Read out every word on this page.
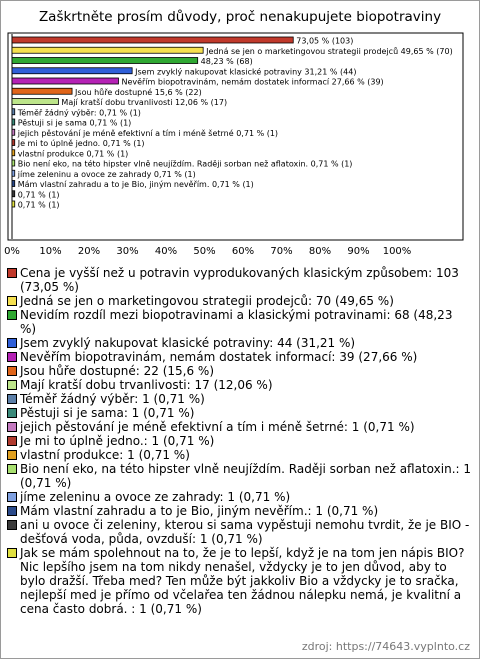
Zaškrtněte prosím důvody, proč nenakupujete biopotraviny
73,05 % (103)
Jedná se jen o marketingovou strategii prodejců 49,65 % (70)
48,23 % (68)
Jsem zvyklý nakupovat klasické potraviny 31,21 % (44)
Nevěřím biopotravinám, nemám dostatek informací 27,66 % (39)
Jsou hůře dostupné 15,6 % (22)
Mají kratší dobu trvanlivosti 12,06 % (17)
Téměř žádný výběr: 0,71 % (1)
Pěstuji si je sama 0,71 % (1)
jejich pěstování je méně efektivní a tím i méně šetrné 0,71 % (1)
Je mi to úplně jedno. 0,71 % (1)
vlastní produkce 0,71 % (1)
Bio není eko, na této hipster vlně neujíždím. Raději sorban než aflatoxin. 0,71 % (1)
jíme zeleninu a ovoce ze zahrady 0,71 % (1)
Mám vlastní zahradu a to je Bio, jiným nevěřím. 0,71 % (1)
0,71 % (1)
0,71 % (1)
0% 10% 20% 30% 40% 50% 60% 70% 80% 90% 100%
Cena je vyšší než u potravin vyprodukovaných klasickým způsobem: 103 (73,05 %)
Jedná se jen o marketingovou strategii prodejců: 70 (49,65 %)
Nevidím rozdíl mezi biopotravinami a klasickými potravinami: 68 (48,23 %)
Jsem zvyklý nakupovat klasické potraviny: 44 (31,21 %)
Nevěřím biopotravinám, nemám dostatek informací: 39 (27,66 %)
Jsou hůře dostupné: 22 (15,6 %)
Mají kratší dobu trvanlivosti: 17 (12,06 %)
Téměř žádný výběr: 1 (0,71 %)
Pěstuji si je sama: 1 (0,71 %)
jejich pěstování je méně efektivní a tím i méně šetrné: 1 (0,71 %)
Je mi to úplně jedno.: 1 (0,71 %)
vlastní produkce: 1 (0,71 %)
Bio není eko, na této hipster vlně neujíždím. Raději sorban než aflatoxin.: 1 (0,71 %)
jíme zeleninu a ovoce ze zahrady: 1 (0,71 %)
Mám vlastní zahradu a to je Bio, jiným nevěřím.: 1 (0,71 %)
ani u ovoce či zeleniny, kterou si sama vypěstuji nemohu tvrdit, že je BIO - dešťová voda, půda, ovzduší: 1 (0,71 %)
Jak se mám spolehnout na to, že je to lepší, když je na tom jen nápis BIO? Nic lepšího jsem na tom nikdy nenašel, vždycky je to jen důvod, aby to bylo dražší. Třeba med? Ten může být jakkoliv Bio a vždycky je to sračka, nejlepší med je přímo od včelařea ten žádnou nálepku nemá, je kvalitní a cena často dobrá. : 1 (0,71 %)
zdroj: https://74643.vyplnto.cz
